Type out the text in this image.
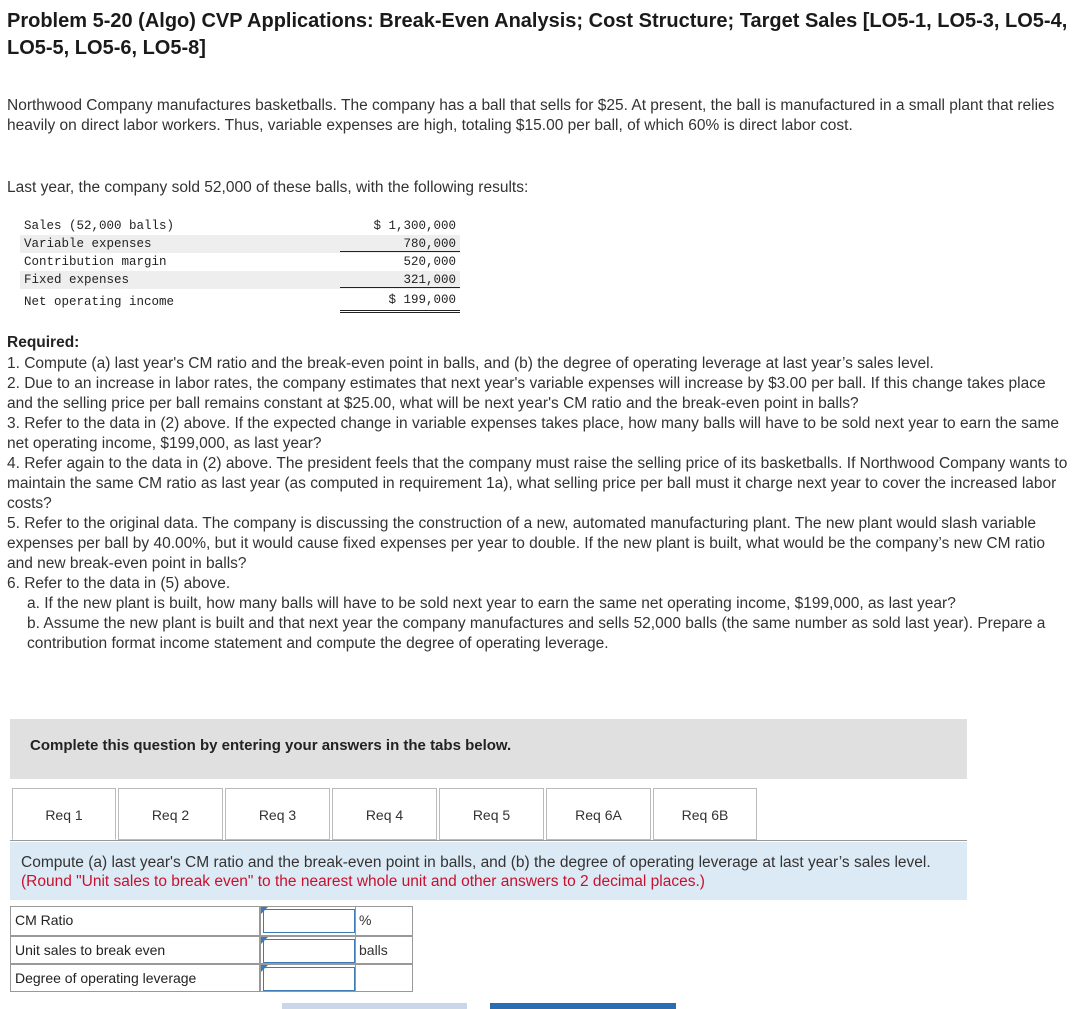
Problem 5-20 (Algo) CVP Applications: Break-Even Analysis; Cost Structure; Target Sales [LO5-1, LO5-3, LO5-4, LO5-5, LO5-6, LO5-8]
Northwood Company manufactures basketballs. The company has a ball that sells for $25. At present, the ball is manufactured in a small plant that relies heavily on direct labor workers. Thus, variable expenses are high, totaling $15.00 per ball, of which 60% is direct labor cost.
Last year, the company sold 52,000 of these balls, with the following results:
Sales (52,000 balls)	$ 1,300,000
Variable expenses	780,000
Contribution margin	520,000
Fixed expenses	321,000
Net operating income	$ 199,000
Required:

1. Compute (a) last year's CM ratio and the break-even point in balls, and (b) the degree of operating leverage at last year’s sales level.

2. Due to an increase in labor rates, the company estimates that next year's variable expenses will increase by $3.00 per ball. If this change takes place and the selling price per ball remains constant at $25.00, what will be next year's CM ratio and the break-even point in balls?

3. Refer to the data in (2) above. If the expected change in variable expenses takes place, how many balls will have to be sold next year to earn the same net operating income, $199,000, as last year?

4. Refer again to the data in (2) above. The president feels that the company must raise the selling price of its basketballs. If Northwood Company wants to maintain the same CM ratio as last year (as computed in requirement 1a), what selling price per ball must it charge next year to cover the increased labor costs?

5. Refer to the original data. The company is discussing the construction of a new, automated manufacturing plant. The new plant would slash variable expenses per ball by 40.00%, but it would cause fixed expenses per year to double. If the new plant is built, what would be the company’s new CM ratio and new break-even point in balls?

6. Refer to the data in (5) above.

a. If the new plant is built, how many balls will have to be sold next year to earn the same net operating income, $199,000, as last year?

b. Assume the new plant is built and that next year the company manufactures and sells 52,000 balls (the same number as sold last year). Prepare a contribution format income statement and compute the degree of operating leverage.

Complete this question by entering your answers in the tabs below.
Req 1	Req 2	Req 3	Req 4	Req 5	Req 6A	Req 6B
Compute (a) last year's CM ratio and the break-even point in balls, and (b) the degree of operating leverage at last year’s sales level. (Round "Unit sales to break even" to the nearest whole unit and other answers to 2 decimal places.)
CM Ratio	%
Unit sales to break even	balls
Degree of operating leverage
